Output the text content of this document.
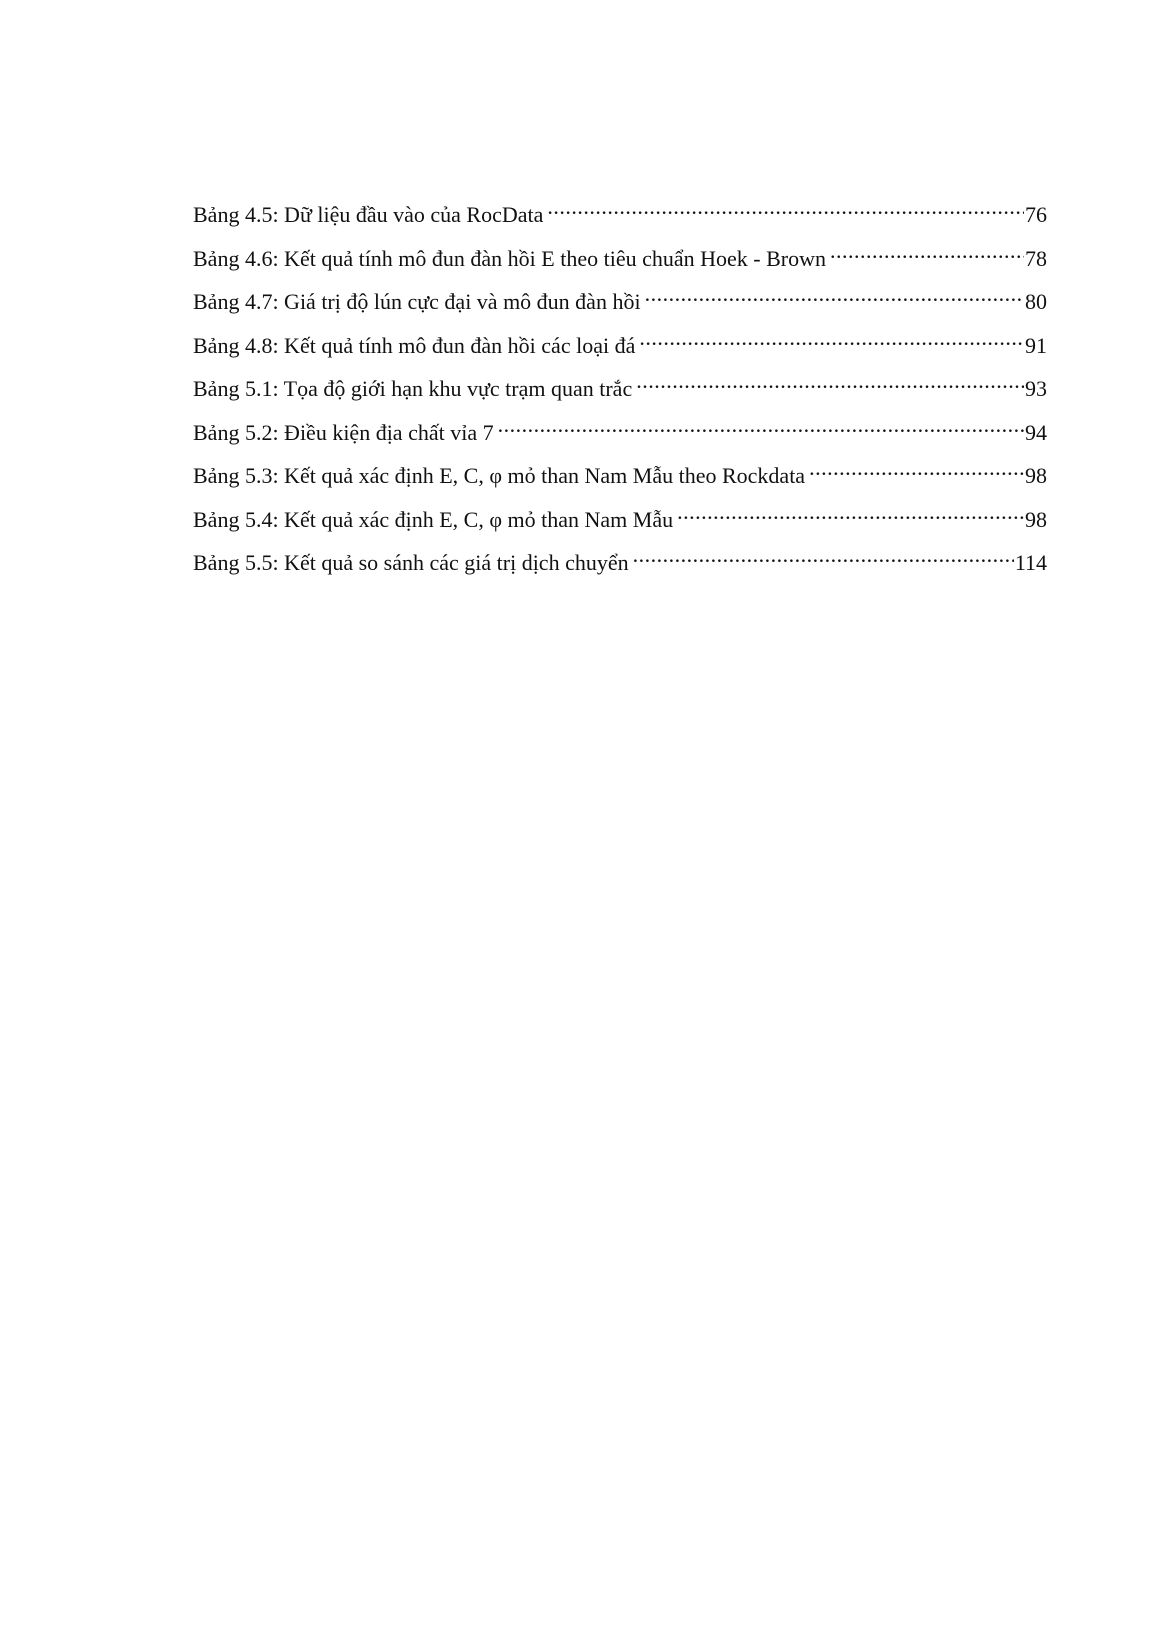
Bảng 4.5: Dữ liệu đầu vào của RocData .....	76
Bảng 4.6: Kết quả tính mô đun đàn hồi E theo tiêu chuẩn Hoek - Brown .....	78
Bảng 4.7: Giá trị độ lún cực đại và mô đun đàn hồi .....	80
Bảng 4.8: Kết quả tính mô đun đàn hồi các loại đá .....	91
Bảng 5.1: Tọa độ giới hạn khu vực trạm quan trắc .....	93
Bảng 5.2: Điều kiện địa chất vỉa 7 .....	94
Bảng 5.3: Kết quả xác định E, C, φ mỏ than Nam Mẫu theo Rockdata .....	98
Bảng 5.4: Kết quả xác định E, C, φ mỏ than Nam Mẫu .....	98
Bảng 5.5: Kết quả so sánh các giá trị dịch chuyển .....	114
